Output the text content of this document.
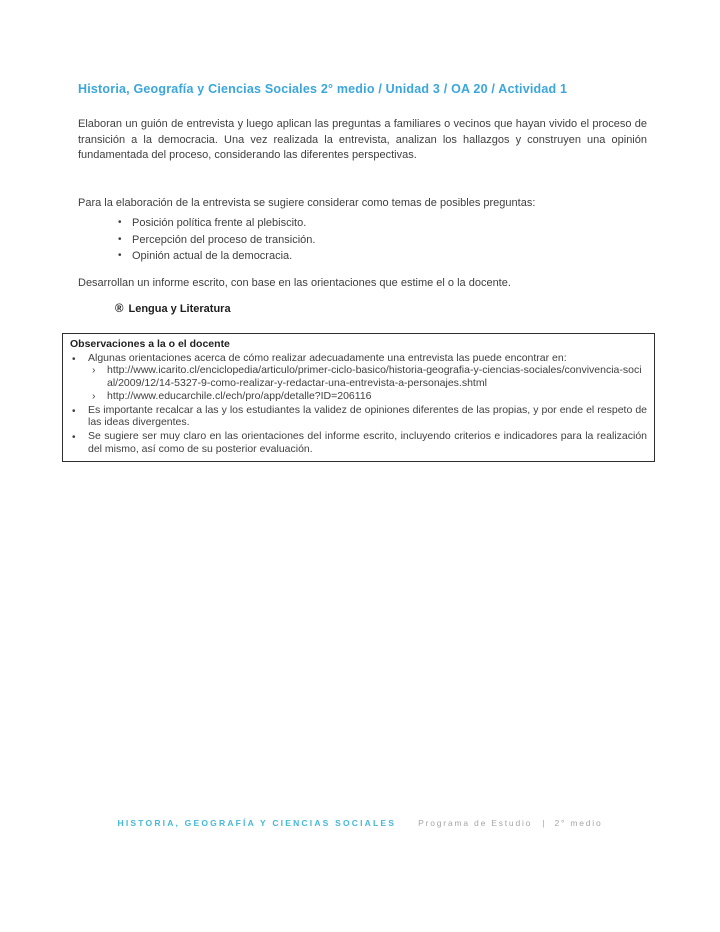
Historia, Geografía y Ciencias Sociales 2° medio / Unidad 3 / OA 20 / Actividad 1
Elaboran un guión de entrevista y luego aplican las preguntas a familiares o vecinos que hayan vivido el proceso de transición a la democracia. Una vez realizada la entrevista, analizan los hallazgos y construyen una opinión fundamentada del proceso, considerando las diferentes perspectivas.
Para la elaboración de la entrevista se sugiere considerar como temas de posibles preguntas:
• Posición política frente al plebiscito.
• Percepción del proceso de transición.
• Opinión actual de la democracia.
Desarrollan un informe escrito, con base en las orientaciones que estime el o la docente.
® Lengua y Literatura
Observaciones a la o el docente
•	Algunas orientaciones acerca de cómo realizar adecuadamente una entrevista las puede encontrar en:
›	http://www.icarito.cl/enciclopedia/articulo/primer-ciclo-basico/historia-geografia-y-ciencias-sociales/convivencia-social/2009/12/14-5327-9-como-realizar-y-redactar-una-entrevista-a-personajes.shtml
›	http://www.educarchile.cl/ech/pro/app/detalle?ID=206116
•	Es importante recalcar a las y los estudiantes la validez de opiniones diferentes de las propias, y por ende el respeto de las ideas divergentes.
•	Se sugiere ser muy claro en las orientaciones del informe escrito, incluyendo criterios e indicadores para la realización del mismo, así como de su posterior evaluación.
HISTORIA, GEOGRAFÍA Y CIENCIAS SOCIALES	Programa de Estudio | 2° medio
